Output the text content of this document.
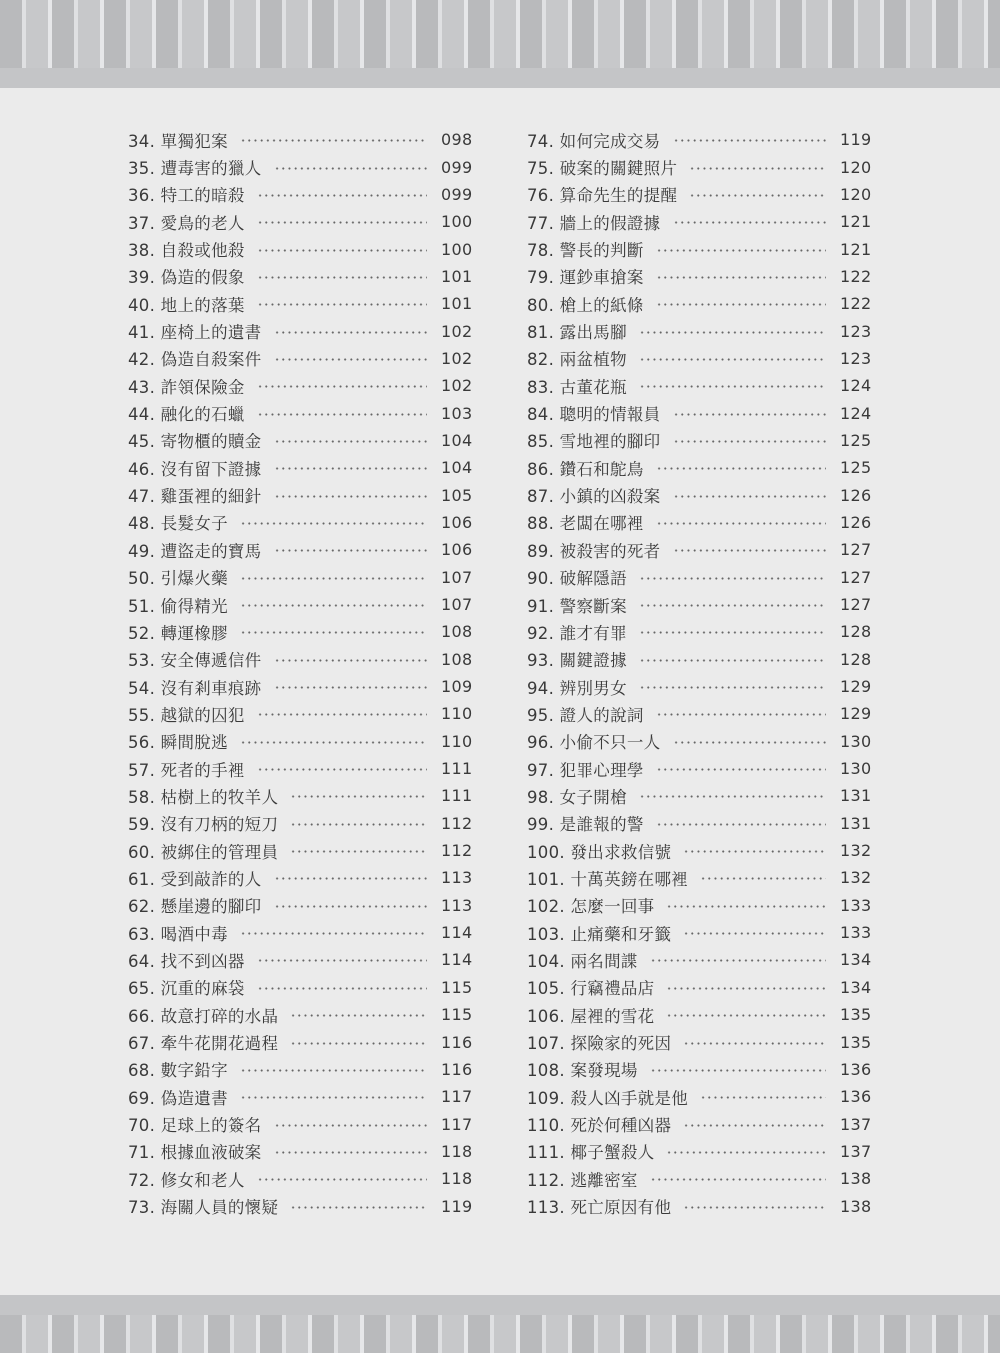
34. 單獨犯案	098
35. 遭毒害的獵人	099
36. 特工的暗殺	099
37. 愛鳥的老人	100
38. 自殺或他殺	100
39. 偽造的假象	101
40. 地上的落葉	101
41. 座椅上的遺書	102
42. 偽造自殺案件	102
43. 詐領保險金	102
44. 融化的石蠟	103
45. 寄物櫃的贖金	104
46. 沒有留下證據	104
47. 雞蛋裡的細針	105
48. 長髮女子	106
49. 遭盜走的寶馬	106
50. 引爆火藥	107
51. 偷得精光	107
52. 轉運橡膠	108
53. 安全傳遞信件	108
54. 沒有剎車痕跡	109
55. 越獄的囚犯	110
56. 瞬間脫逃	110
57. 死者的手裡	111
58. 枯樹上的牧羊人	111
59. 沒有刀柄的短刀	112
60. 被綁住的管理員	112
61. 受到敲詐的人	113
62. 懸崖邊的腳印	113
63. 喝酒中毒	114
64. 找不到凶器	114
65. 沉重的麻袋	115
66. 故意打碎的水晶	115
67. 牽牛花開花過程	116
68. 數字鉛字	116
69. 偽造遺書	117
70. 足球上的簽名	117
71. 根據血液破案	118
72. 修女和老人	118
73. 海關人員的懷疑	119
74. 如何完成交易	119
75. 破案的關鍵照片	120
76. 算命先生的提醒	120
77. 牆上的假證據	121
78. 警長的判斷	121
79. 運鈔車搶案	122
80. 槍上的紙條	122
81. 露出馬腳	123
82. 兩盆植物	123
83. 古董花瓶	124
84. 聰明的情報員	124
85. 雪地裡的腳印	125
86. 鑽石和鴕鳥	125
87. 小鎮的凶殺案	126
88. 老闆在哪裡	126
89. 被殺害的死者	127
90. 破解隱語	127
91. 警察斷案	127
92. 誰才有罪	128
93. 關鍵證據	128
94. 辨別男女	129
95. 證人的說詞	129
96. 小偷不只一人	130
97. 犯罪心理學	130
98. 女子開槍	131
99. 是誰報的警	131
100. 發出求救信號	132
101. 十萬英鎊在哪裡	132
102. 怎麼一回事	133
103. 止痛藥和牙籤	133
104. 兩名間諜	134
105. 行竊禮品店	134
106. 屋裡的雪花	135
107. 探險家的死因	135
108. 案發現場	136
109. 殺人凶手就是他	136
110. 死於何種凶器	137
111. 椰子蟹殺人	137
112. 逃離密室	138
113. 死亡原因有他	138
